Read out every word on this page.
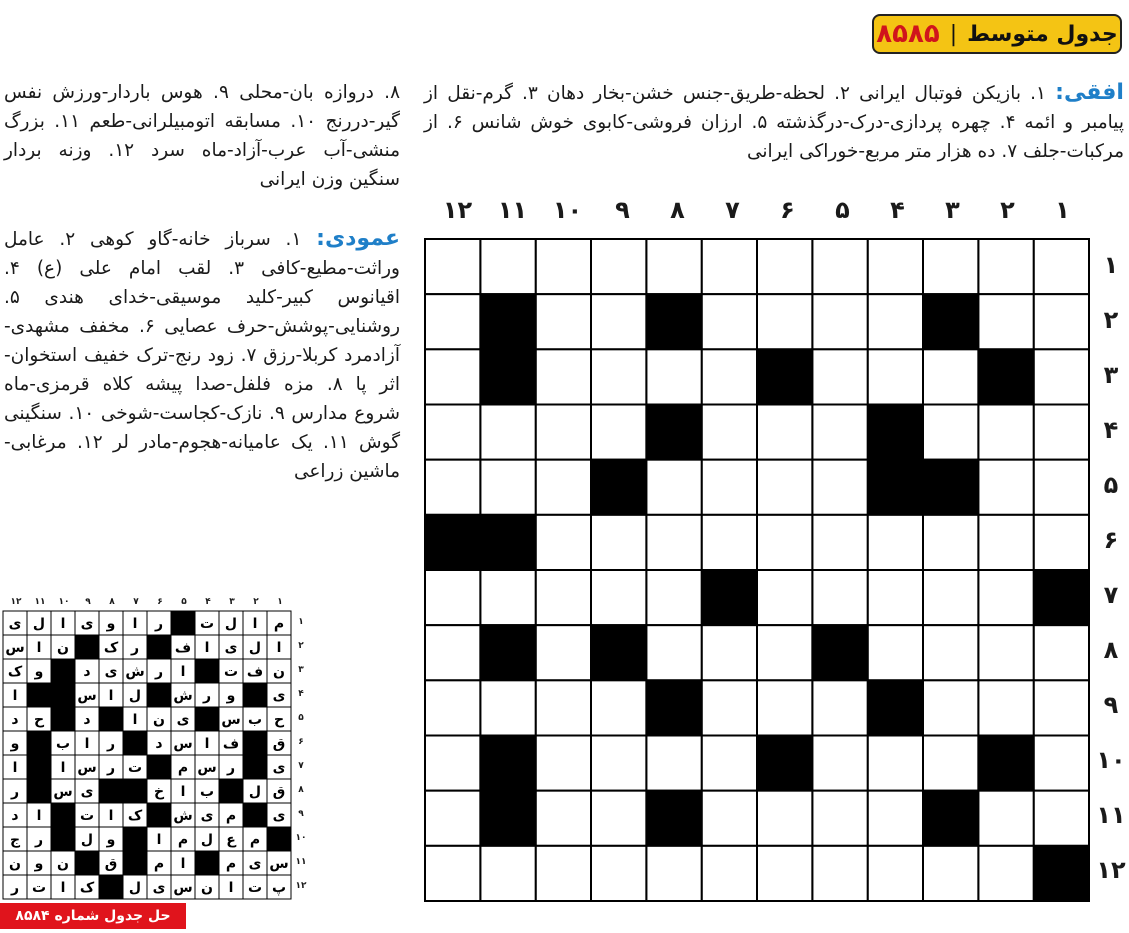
جدول متوسط
|
۸۵۸۵
افقی: ۱. بازیکن فوتبال ایرانی ۲. لحظه-طریق-جنس خشن-بخار دهان ۳. گرم-نقل از پیامبر و ائمه ۴. چهره پردازی-درک-درگذشته ۵. ارزان فروشی-کابوی خوش شانس ۶. از مرکبات-جلف ۷. ده هزار متر مربع-خوراکی ایرانی
۸. دروازه بان-محلی ۹. هوس باردار-ورزش نفس گیر-دررنج ۱۰. مسابقه اتومبیلرانی-طعم ۱۱. بزرگ منشی-آب عرب-آزاد-ماه سرد ۱۲. وزنه بردار سنگین وزن ایرانی
عمودی: ۱. سرباز خانه-گاو کوهی ۲. عامل وراثت-مطیع-کافی ۳. لقب امام علی (ع) ۴. اقیانوس کبیر-کلید موسیقی-خدای هندی ۵. روشنایی-پوشش-حرف عصایی ۶. مخفف مشهدی-آزادمرد کربلا-رزق ۷. زود رنج-ترک خفیف استخوان-اثر پا ۸. مزه فلفل-صدا پیشه کلاه قرمزی-ماه شروع مدارس ۹. نازک-کجاست-شوخی ۱۰. سنگینی گوش ۱۱. یک عامیانه-هجوم-مادر لر ۱۲. مرغابی-ماشین زراعی
۱
۲
۳
۴
۵
۶
۷
۸
۹
۱۰
۱۱
۱۲
۱
۲
۳
۴
۵
۶
۷
۸
۹
۱۰
۱۱
۱۲
۱
۲
۳
۴
۵
۶
۷
۸
۹
۱۰
۱۱
۱۲
م
ا
ل
ت
ر
ا
و
ی
ا
ل
ی
ا
ل
ی
ا
ف
ر
ک
ن
ا
س
ن
ف
ت
ا
ر
ش
ی
د
و
ک
ی
و
ر
ش
ل
ا
س
ا
ح
ب
س
ی
ن
ا
د
ح
د
ق
ف
ا
س
د
ر
ا
ب
و
ی
ر
س
م
ت
ر
س
ا
ا
ق
ل
ب
ا
خ
ی
س
ر
ی
م
ی
ش
ک
ا
ت
ا
د
م
ع
ل
م
ا
و
ل
ر
ج
س
ی
م
ا
م
ق
ن
و
ن
پ
ت
ا
ن
س
ی
ل
ک
ا
ت
ر
۱
۲
۳
۴
۵
۶
۷
۸
۹
۱۰
۱۱
۱۲
حل جدول شماره ۸۵۸۴
